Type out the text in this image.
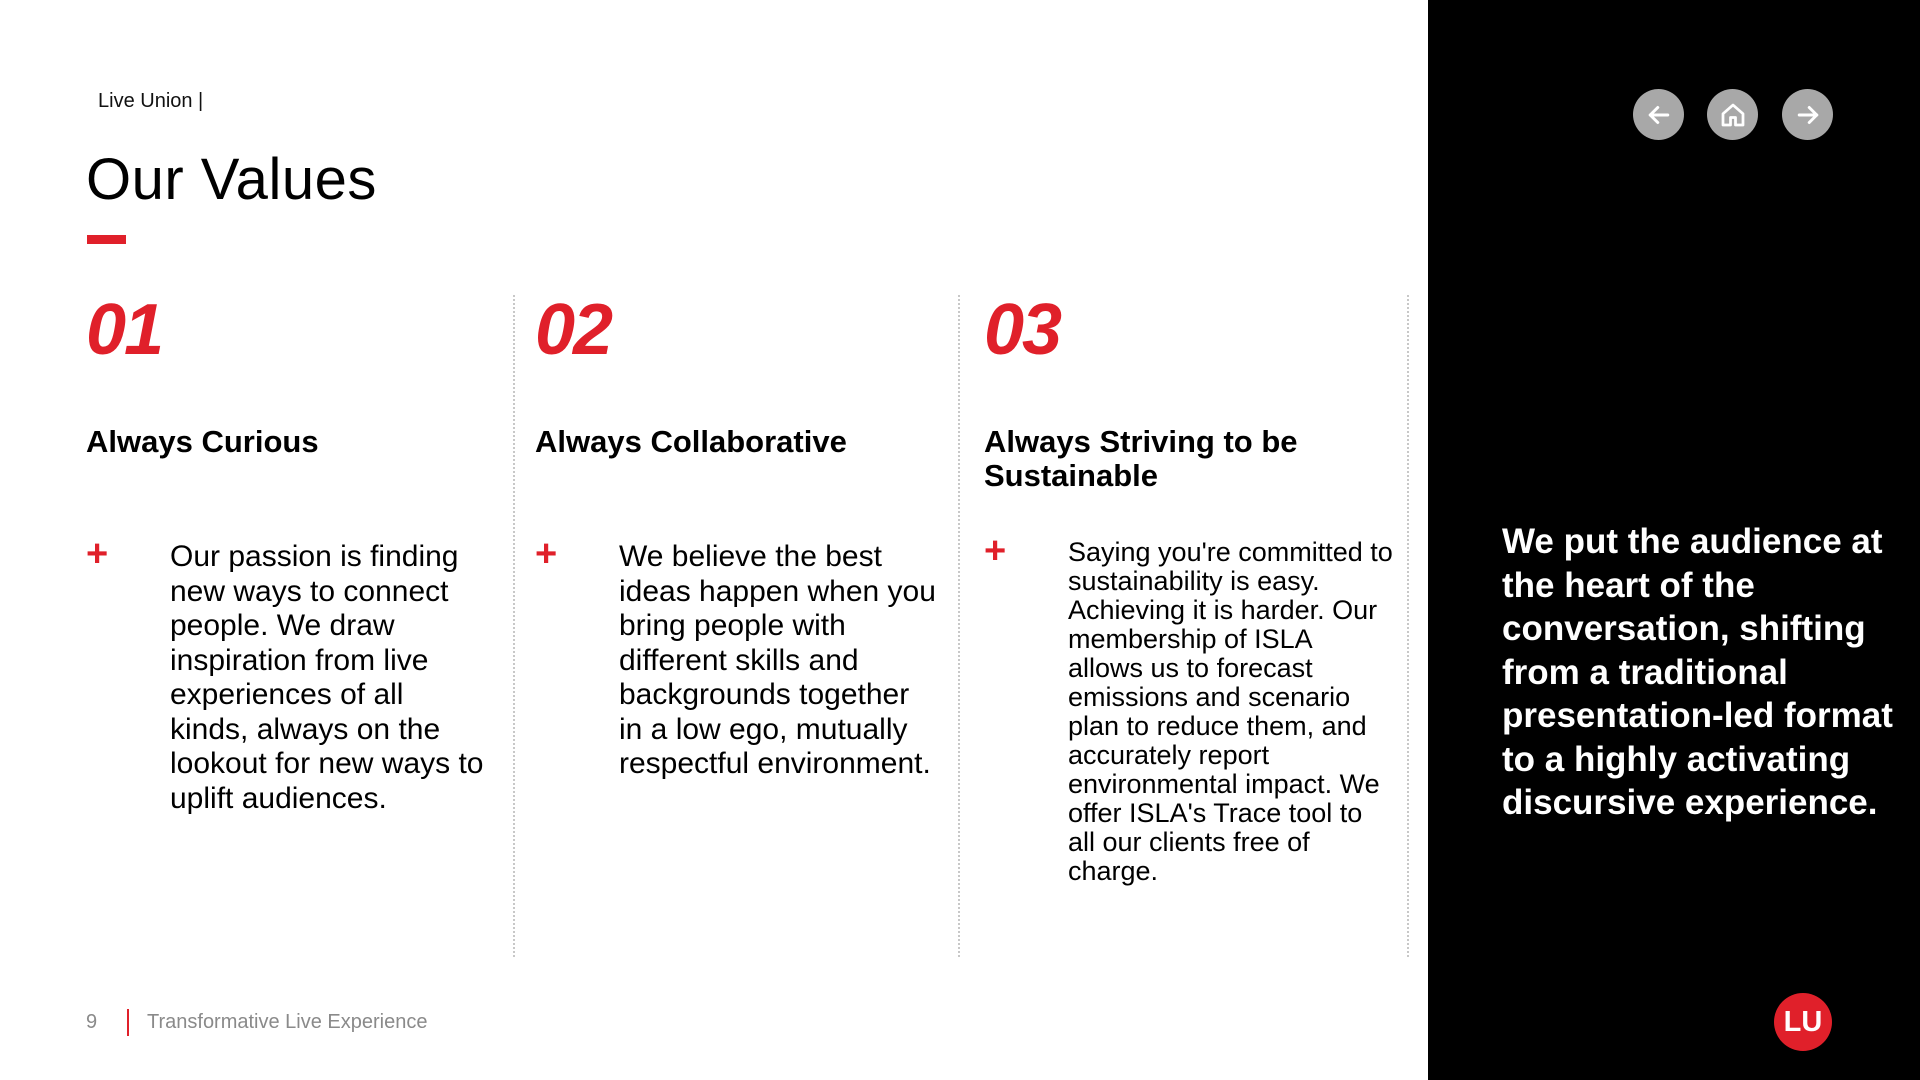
Live Union |
Our Values
01
Always Curious
+ Our passion is finding new ways to connect people. We draw inspiration from live experiences of all kinds, always on the lookout for new ways to uplift audiences.

02
Always Collaborative
+ We believe the best ideas happen when you bring people with different skills and backgrounds together in a low ego, mutually respectful environment.

03
Always Striving to be Sustainable
+ Saying you're committed to sustainability is easy. Achieving it is harder. Our membership of ISLA allows us to forecast emissions and scenario plan to reduce them, and accurately report environmental impact. We offer ISLA's Trace tool to all our clients free of charge.

9 Transformative Live Experience

We put the audience at the heart of the conversation, shifting from a traditional presentation-led format to a highly activating discursive experience.

LU
